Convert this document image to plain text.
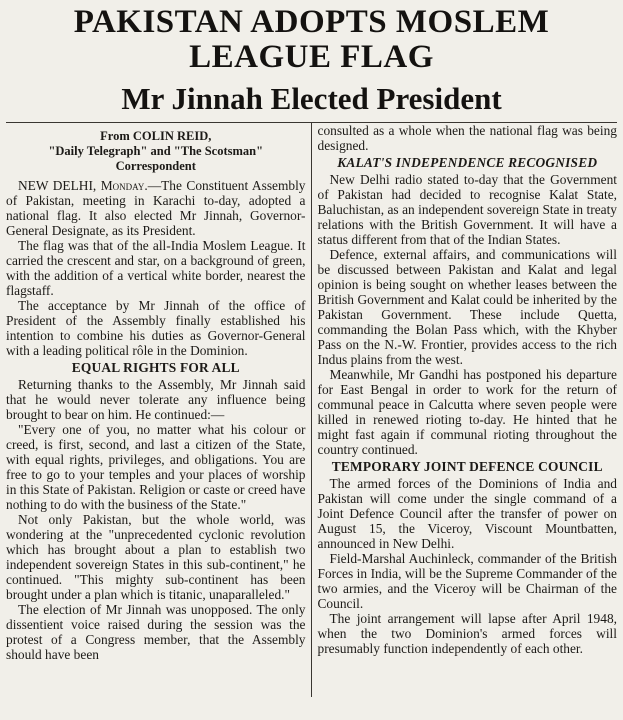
PAKISTAN ADOPTS MOSLEM
LEAGUE FLAG
Mr Jinnah Elected President
From COLIN REID,
"Daily Telegraph" and "The Scotsman"
Correspondent

NEW DELHI, Monday.—The Constituent Assembly of Pakistan, meeting in Karachi to-day, adopted a national flag. It also elected Mr Jinnah, Governor-General Designate, as its President.

The flag was that of the all-India Moslem League. It carried the crescent and star, on a background of green, with the addition of a vertical white border, nearest the flagstaff.

The acceptance by Mr Jinnah of the office of President of the Assembly finally established his intention to combine his duties as Governor-General with a leading political rôle in the Dominion.

EQUAL RIGHTS FOR ALL

Returning thanks to the Assembly, Mr Jinnah said that he would never tolerate any influence being brought to bear on him. He continued:—

"Every one of you, no matter what his colour or creed, is first, second, and last a citizen of the State, with equal rights, privileges, and obligations. You are free to go to your temples and your places of worship in this State of Pakistan. Religion or caste or creed have nothing to do with the business of the State."

Not only Pakistan, but the whole world, was wondering at the "unprecedented cyclonic revolution which has brought about a plan to establish two independent sovereign States in this sub-continent," he continued. "This mighty sub-continent has been brought under a plan which is titanic, unaparalleled."

The election of Mr Jinnah was unopposed. The only dissentient voice raised during the session was the protest of a Congress member, that the Assembly should have been

consulted as a whole when the national flag was being designed.

KALAT'S INDEPENDENCE RECOGNISED

New Delhi radio stated to-day that the Government of Pakistan had decided to recognise Kalat State, Baluchistan, as an independent sovereign State in treaty relations with the British Government. It will have a status different from that of the Indian States.

Defence, external affairs, and communications will be discussed between Pakistan and Kalat and legal opinion is being sought on whether leases between the British Government and Kalat could be inherited by the Pakistan Government. These include Quetta, commanding the Bolan Pass which, with the Khyber Pass on the N.-W. Frontier, provides access to the rich Indus plains from the west.

Meanwhile, Mr Gandhi has postponed his departure for East Bengal in order to work for the return of communal peace in Calcutta where seven people were killed in renewed rioting to-day. He hinted that he might fast again if communal rioting throughout the country continued.

TEMPORARY JOINT DEFENCE COUNCIL

The armed forces of the Dominions of India and Pakistan will come under the single command of a Joint Defence Council after the transfer of power on August 15, the Viceroy, Viscount Mountbatten, announced in New Delhi.

Field-Marshal Auchinleck, commander of the British Forces in India, will be the Supreme Commander of the two armies, and the Viceroy will be Chairman of the Council.

The joint arrangement will lapse after April 1948, when the two Dominion's armed forces will presumably function independently of each other.
